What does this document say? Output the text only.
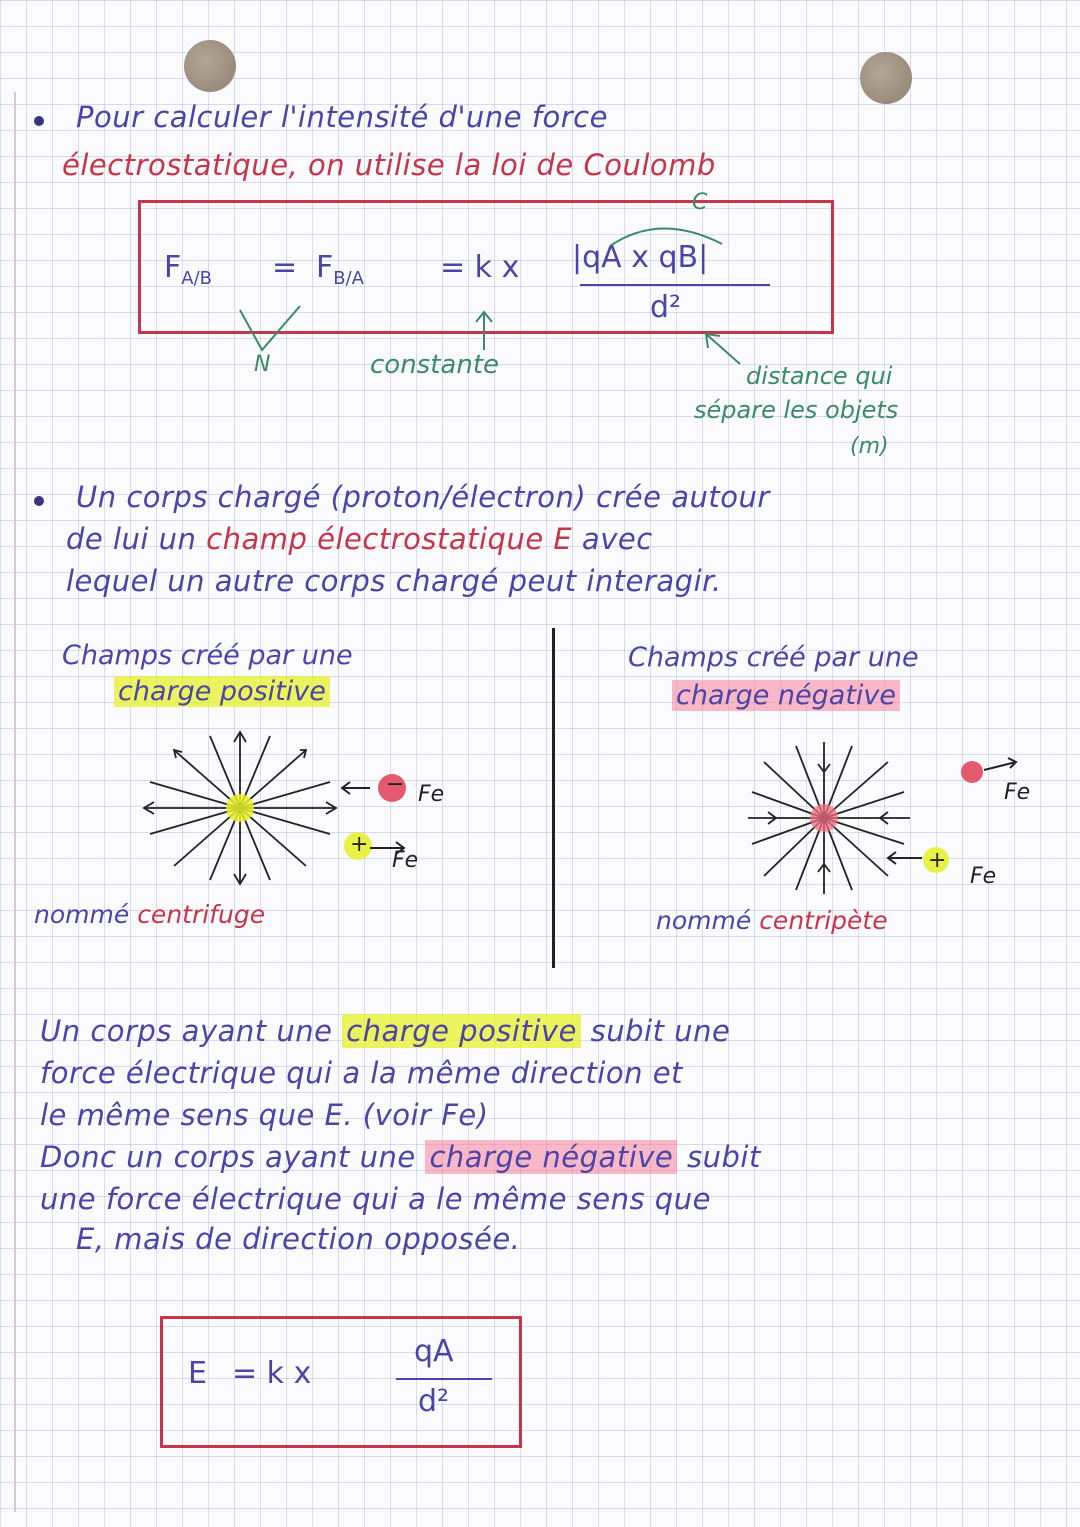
Pour calculer l'intensité d'une force
électrostatique, on utilise la loi de Coulomb
$F_{A/B} = F_{B/A}$	= k x |qA x qB|
d²
C
N	constante	distance qui
sépare les objets
(m)
Un corps chargé (proton/électron) crée autour
de lui un champ électrostatique E avec
lequel un autre corps chargé peut interagir.
Champs créé par une
charge positive
−
+
Fe
Fe
nommé centrifuge
Champs créé par une
charge négative
+
Fe
Fe
nommé centripète
Un corps ayant une charge positive subit une
force électrique qui a la même direction et
le même sens que E. (voir Fe)
Donc un corps ayant une charge négative subit
une force électrique qui a le même sens que
E, mais de direction opposée.
E = k x
qA
d²
